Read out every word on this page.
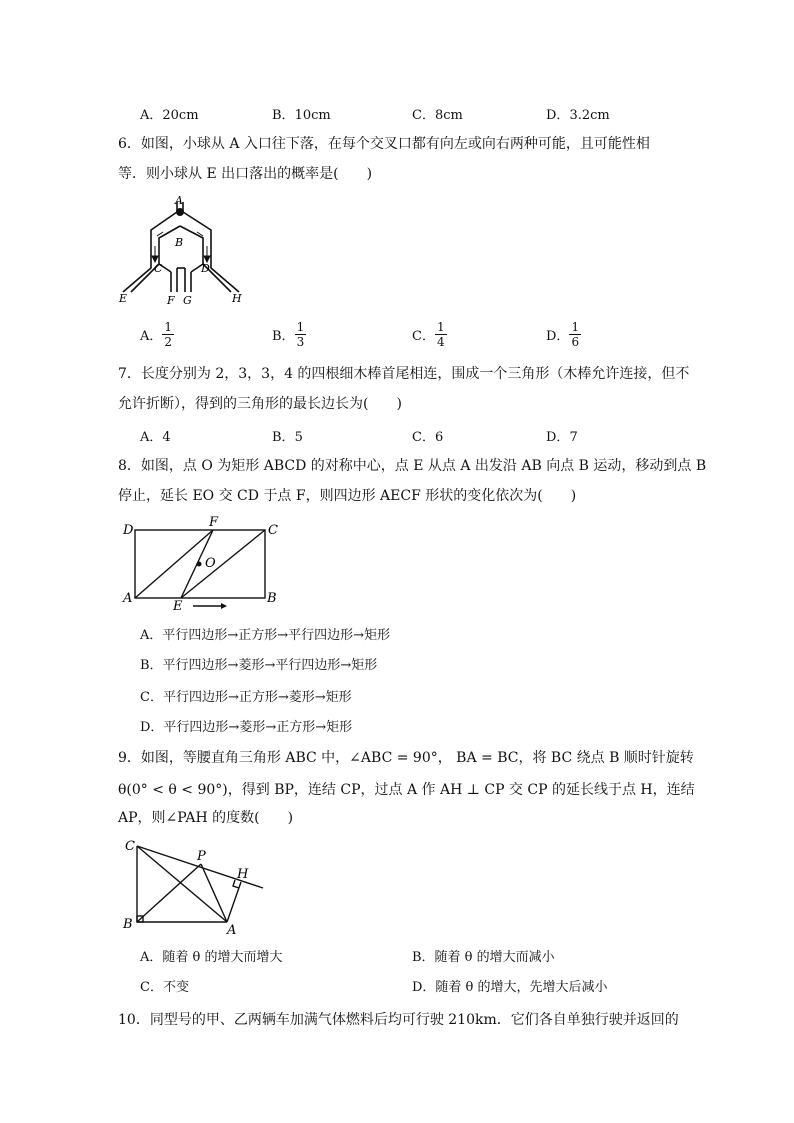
A．20cm	B．10cm	C．8cm	D．3.2cm
6．如图，小球从 A 入口往下落，在每个交叉口都有向左或向右两种可能，且可能性相
等．则小球从 E 出口落出的概率是(　　)
A
B
C	D
E	F G	H
A． $\frac{1}{2}$	B． $\frac{1}{3}$	C． $\frac{1}{4}$	D． $\frac{1}{6}$
7．长度分别为 2，3，3，4 的四根细木棒首尾相连，围成一个三角形（木棒允许连接，但不
允许折断），得到的三角形的最长边长为(　　)
A．4	B．5	C．6	D．7
8．如图，点 O 为矩形 ABCD 的对称中心，点 E 从点 A 出发沿 AB 向点 B 运动，移动到点 B
停止，延长 EO 交 CD 于点 F，则四边形 AECF 形状的变化依次为(　　)
D
F
C
O
A
E
B
A．平行四边形→正方形→平行四边形→矩形
B．平行四边形→菱形→平行四边形→矩形
C．平行四边形→正方形→菱形→矩形
D．平行四边形→菱形→正方形→矩形
9．如图，等腰直角三角形 ABC 中，∠ABC = 90°， BA = BC，将 BC 绕点 B 顺时针旋转
θ(0° < θ < 90°)，得到 BP，连结 CP，过点 A 作 AH ⊥ CP 交 CP 的延长线于点 H，连结
AP，则∠PAH 的度数(　　)
C
P
H
B	A
A．随着 θ 的增大而增大	B．随着 θ 的增大而减小
C．不变	D．随着 θ 的增大，先增大后减小
10．同型号的甲、乙两辆车加满气体燃料后均可行驶 210km．它们各自单独行驶并返回的
